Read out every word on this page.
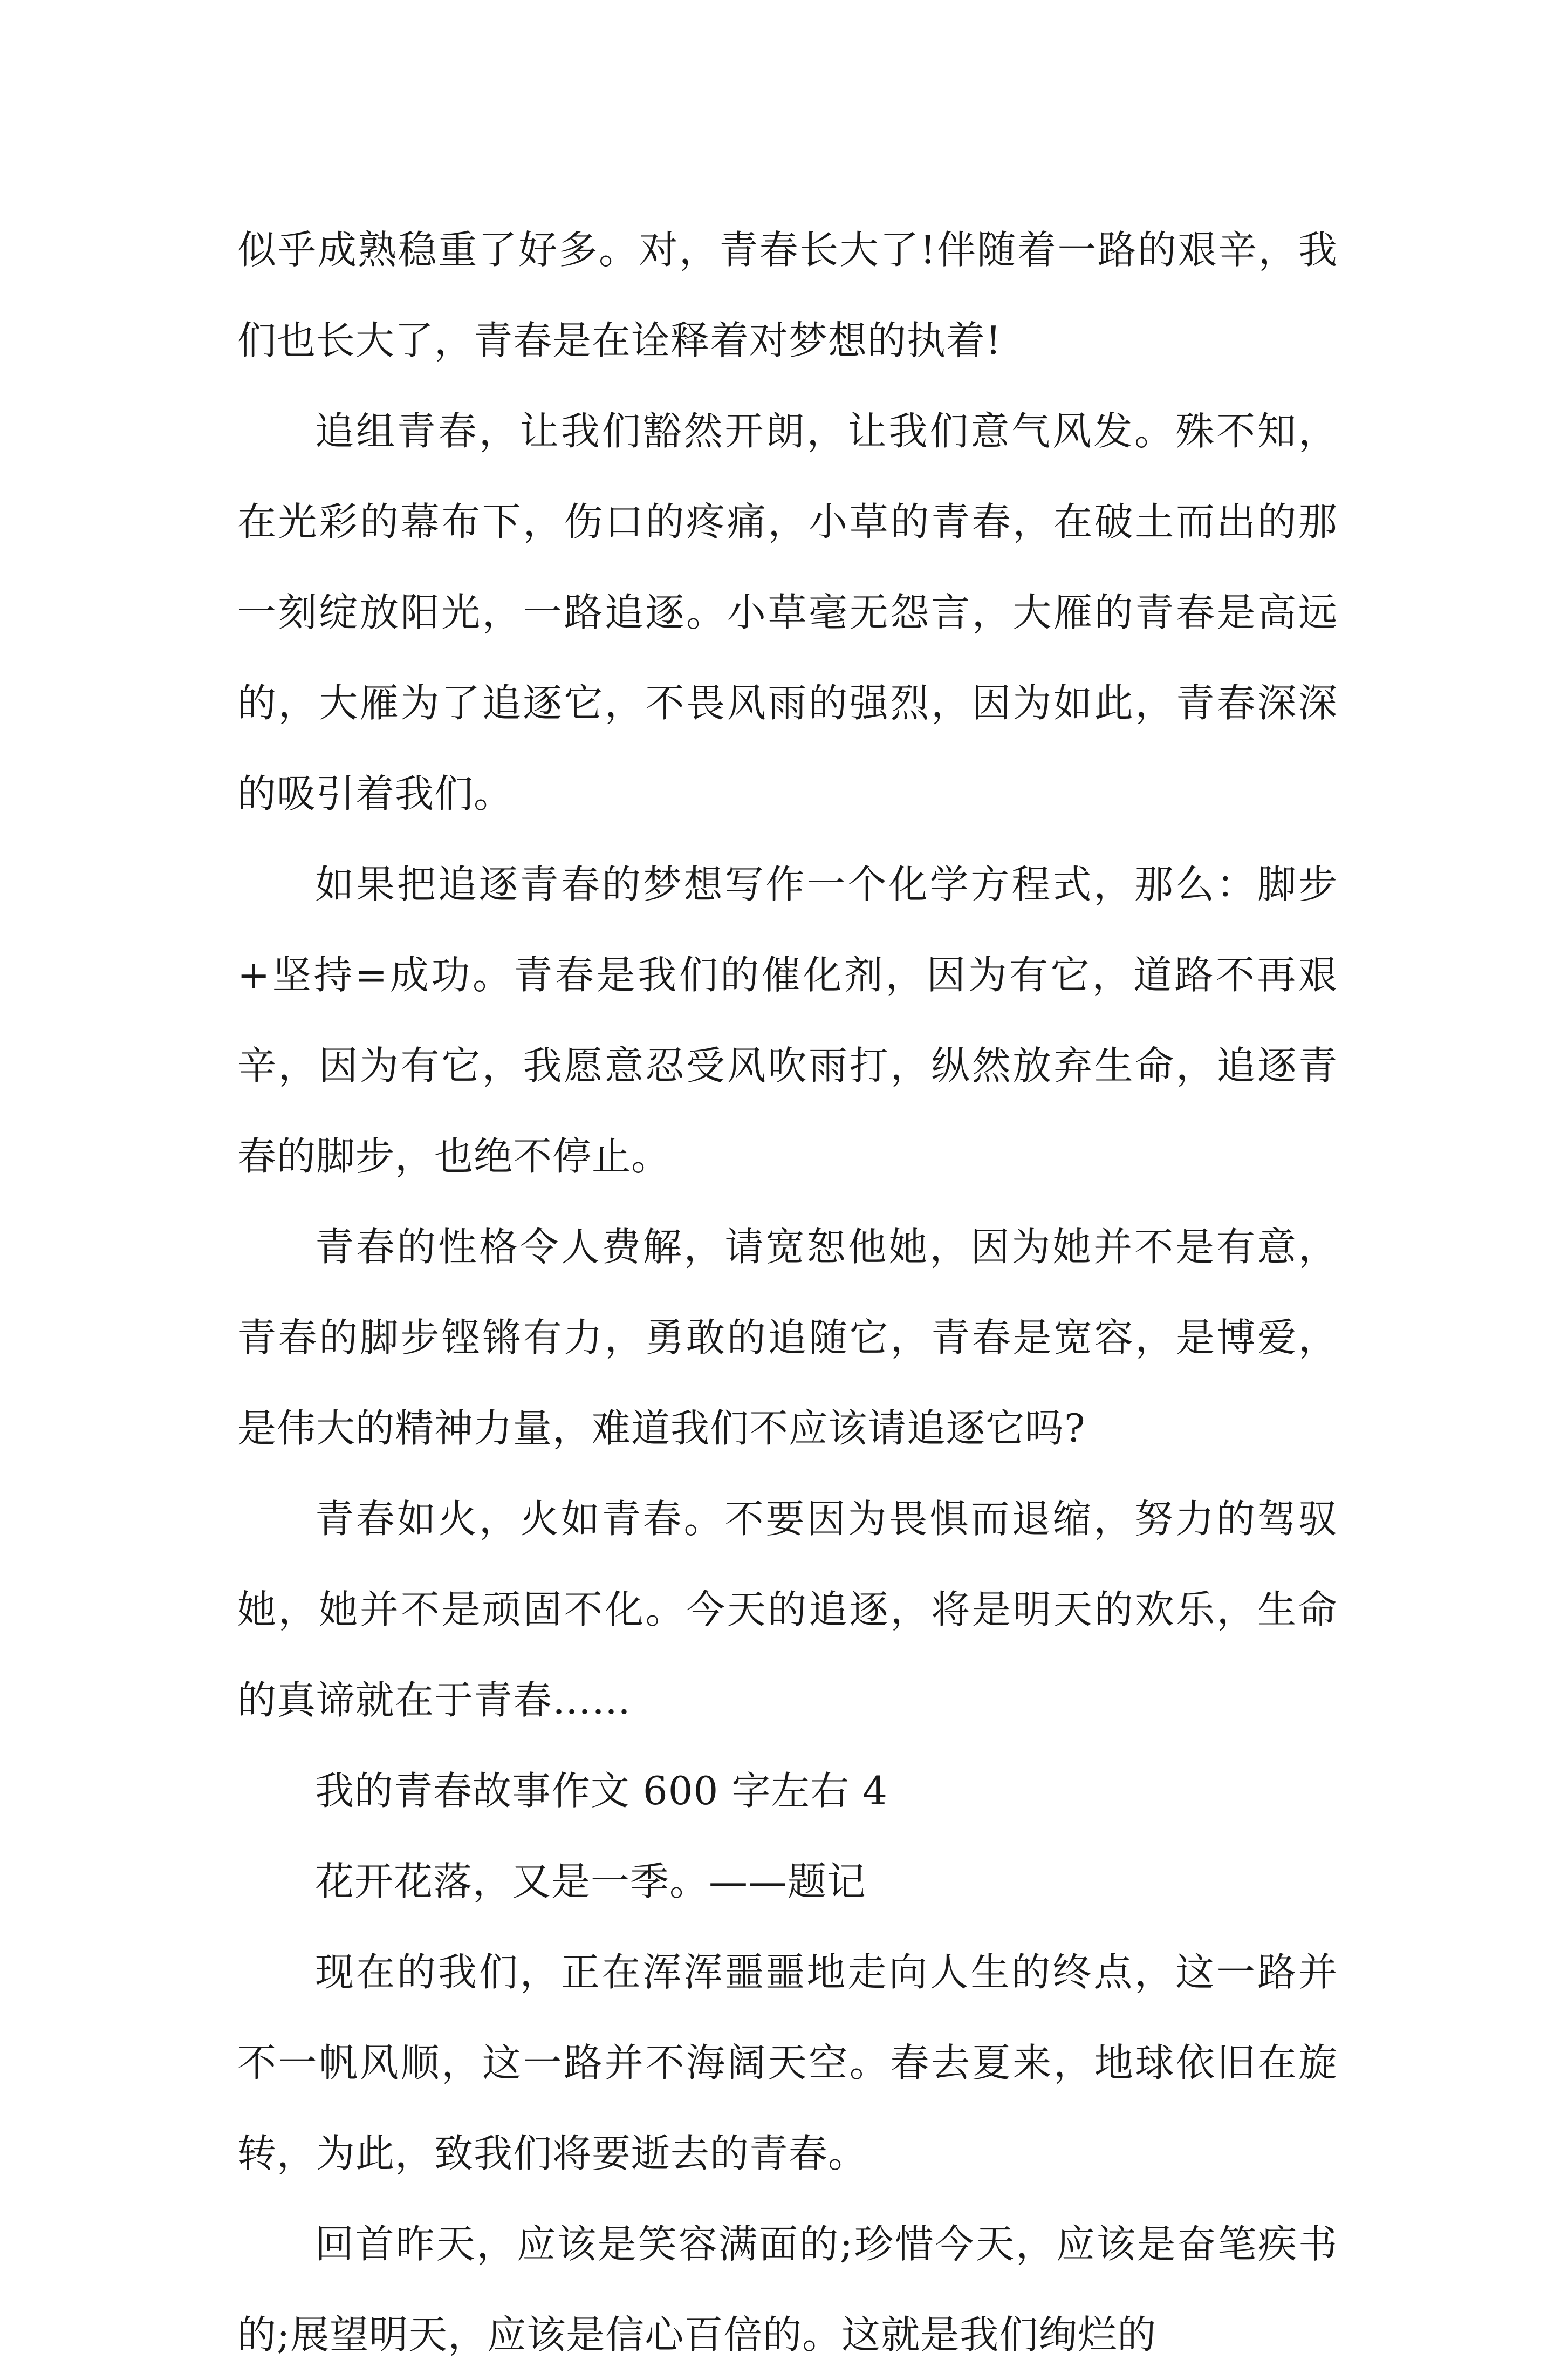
似乎成熟稳重了好多。对，青春长大了!伴随着一路的艰辛，我们也长大了，青春是在诠释着对梦想的执着!

追组青春，让我们豁然开朗，让我们意气风发。殊不知，在光彩的幕布下，伤口的疼痛，小草的青春，在破土而出的那一刻绽放阳光，一路追逐。小草毫无怨言，大雁的青春是高远的，大雁为了追逐它，不畏风雨的强烈，因为如此，青春深深的吸引着我们。

如果把追逐青春的梦想写作一个化学方程式，那么：脚步+坚持=成功。青春是我们的催化剂，因为有它，道路不再艰辛，因为有它，我愿意忍受风吹雨打，纵然放弃生命，追逐青春的脚步，也绝不停止。

青春的性格令人费解，请宽恕他她，因为她并不是有意，青春的脚步铿锵有力，勇敢的追随它，青春是宽容，是博爱，是伟大的精神力量，难道我们不应该请追逐它吗?

青春如火，火如青春。不要因为畏惧而退缩，努力的驾驭她，她并不是顽固不化。今天的追逐，将是明天的欢乐，生命的真谛就在于青春……

我的青春故事作文 600 字左右 4

花开花落，又是一季。——题记

现在的我们，正在浑浑噩噩地走向人生的终点，这一路并不一帆风顺，这一路并不海阔天空。春去夏来，地球依旧在旋转，为此，致我们将要逝去的青春。

回首昨天，应该是笑容满面的;珍惜今天，应该是奋笔疾书的;展望明天，应该是信心百倍的。这就是我们绚烂的
